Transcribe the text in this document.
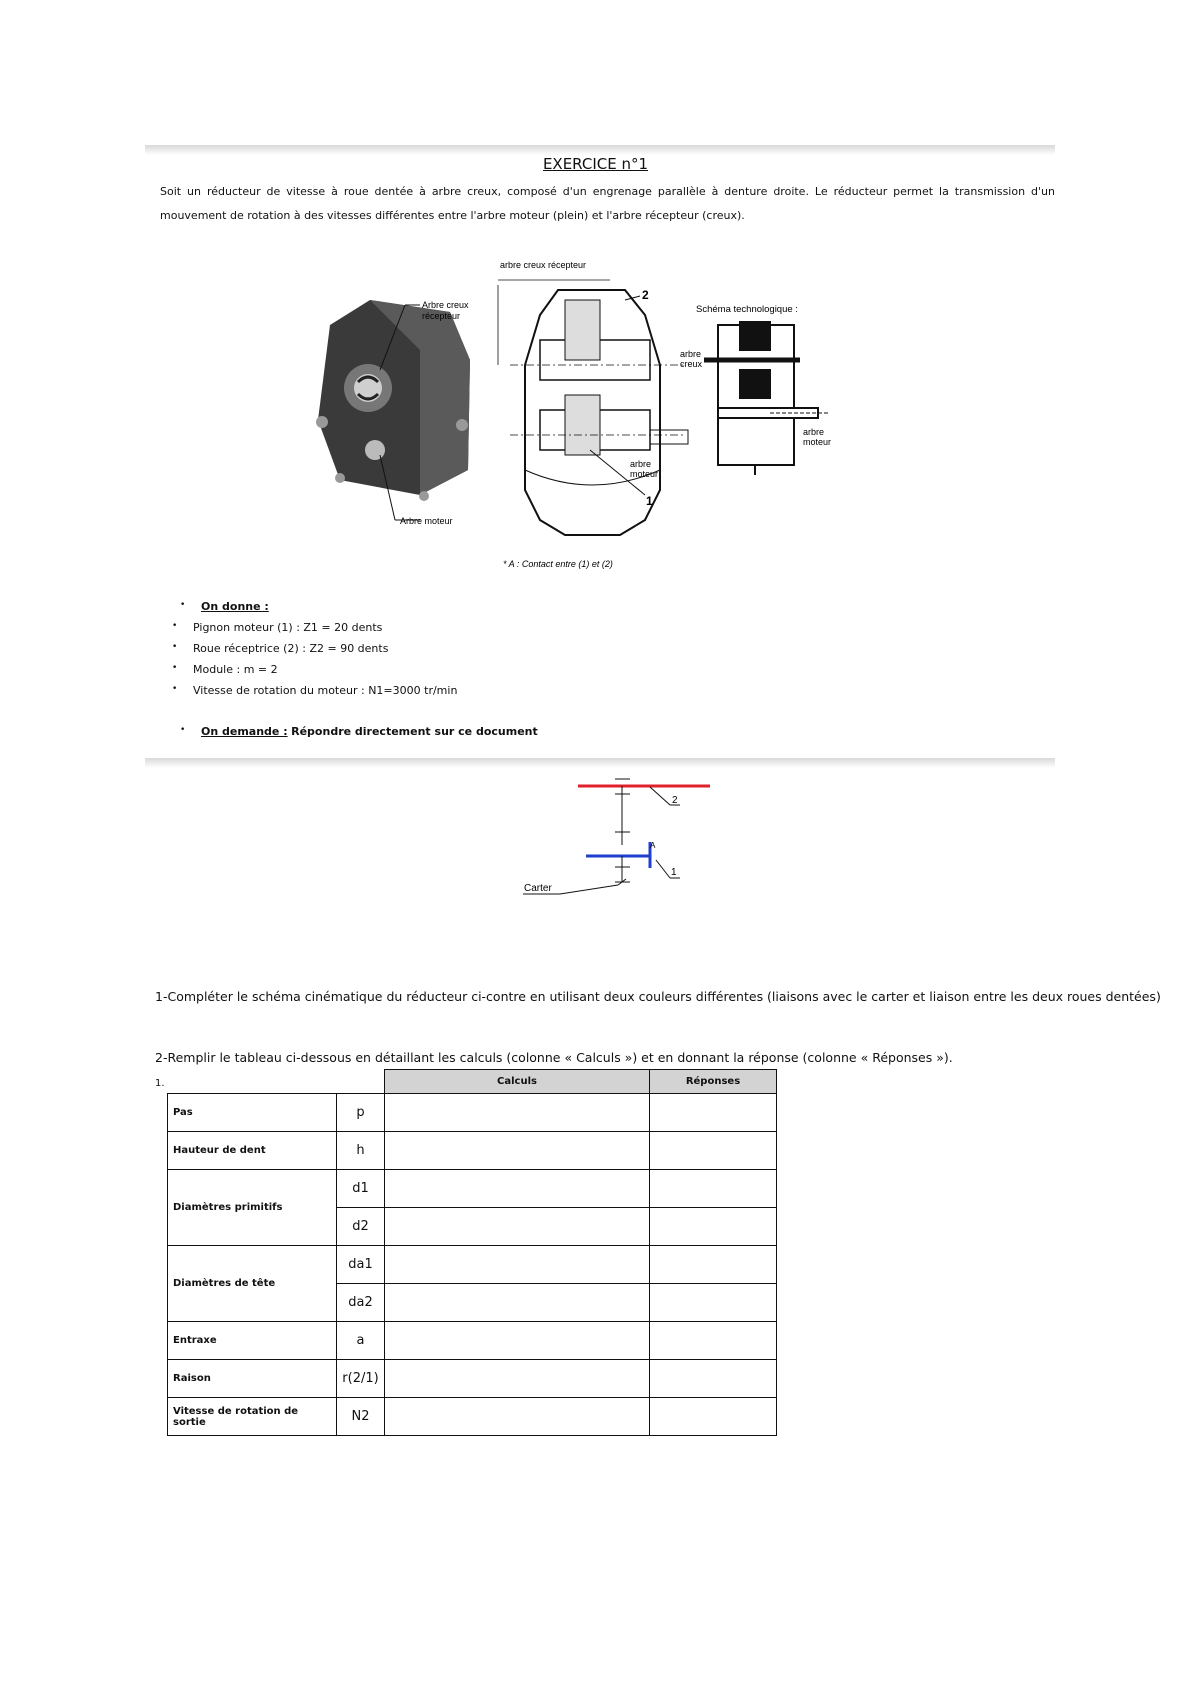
EXERCICE n°1
Soit un réducteur de vitesse à roue dentée à arbre creux, composé d'un engrenage parallèle à denture droite. Le réducteur permet la transmission d'un mouvement de rotation à des vitesses différentes entre l'arbre moteur (plein) et l'arbre récepteur (creux).
Arbre creux récepteur
Arbre moteur
arbre creux récepteur
2
1
arbre moteur
* A : Contact entre (1) et (2)
Schéma technologique :
arbre creux
arbre moteur
• On donne :
• Pignon moteur (1) : Z1 = 20 dents
• Roue réceptrice (2) : Z2 = 90 dents
• Module : m = 2
• Vitesse de rotation du moteur : N1=3000 tr/min
• On demande : Répondre directement sur ce document
2
A
1
Carter
1-Compléter le schéma cinématique du réducteur ci-contre en utilisant deux couleurs différentes (liaisons avec le carter et liaison entre les deux roues dentées)
2-Remplir le tableau ci-dessous en détaillant les calculs (colonne « Calculs ») et en donnant la réponse (colonne « Réponses »).
1.
		Calculs	Réponses
Pas	p		
Hauteur de dent	h		
Diamètres primitifs	d1		
	d2		
Diamètres de tête	da1		
	da2		
Entraxe	a		
Raison	r(2/1)		
Vitesse de rotation de sortie	N2		
